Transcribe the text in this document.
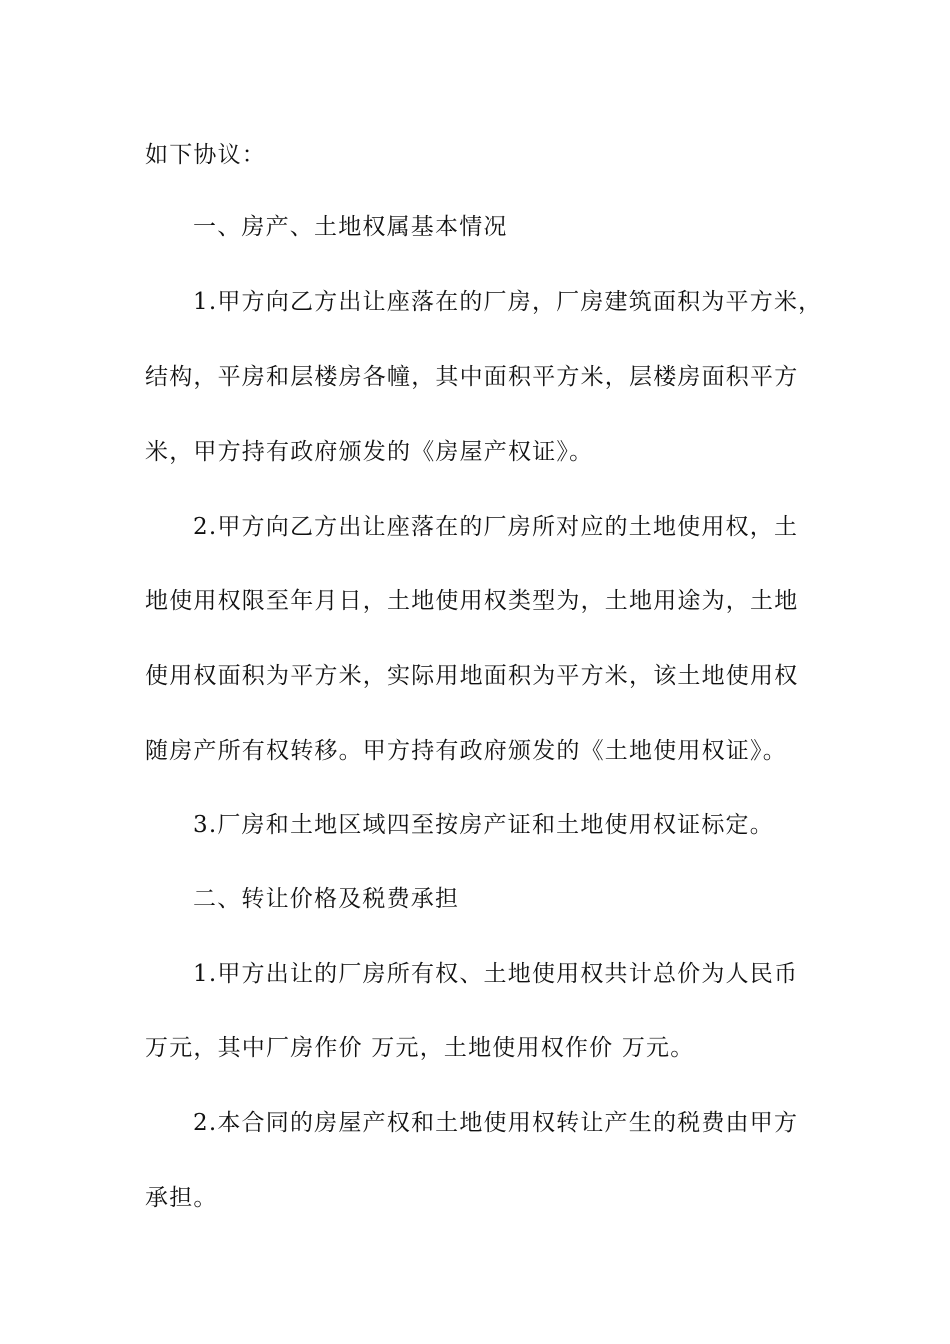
如下协议：
一、房产、土地权属基本情况
1.甲方向乙方出让座落在的厂房，厂房建筑面积为平方米，
结构，平房和层楼房各幢，其中面积平方米，层楼房面积平方
米，甲方持有政府颁发的《房屋产权证》。
2.甲方向乙方出让座落在的厂房所对应的土地使用权，土
地使用权限至年月日，土地使用权类型为，土地用途为，土地
使用权面积为平方米，实际用地面积为平方米，该土地使用权
随房产所有权转移。甲方持有政府颁发的《土地使用权证》。
3.厂房和土地区域四至按房产证和土地使用权证标定。
二、转让价格及税费承担
1.甲方出让的厂房所有权、土地使用权共计总价为人民币
万元，其中厂房作价 万元，土地使用权作价 万元。
2.本合同的房屋产权和土地使用权转让产生的税费由甲方
承担。
